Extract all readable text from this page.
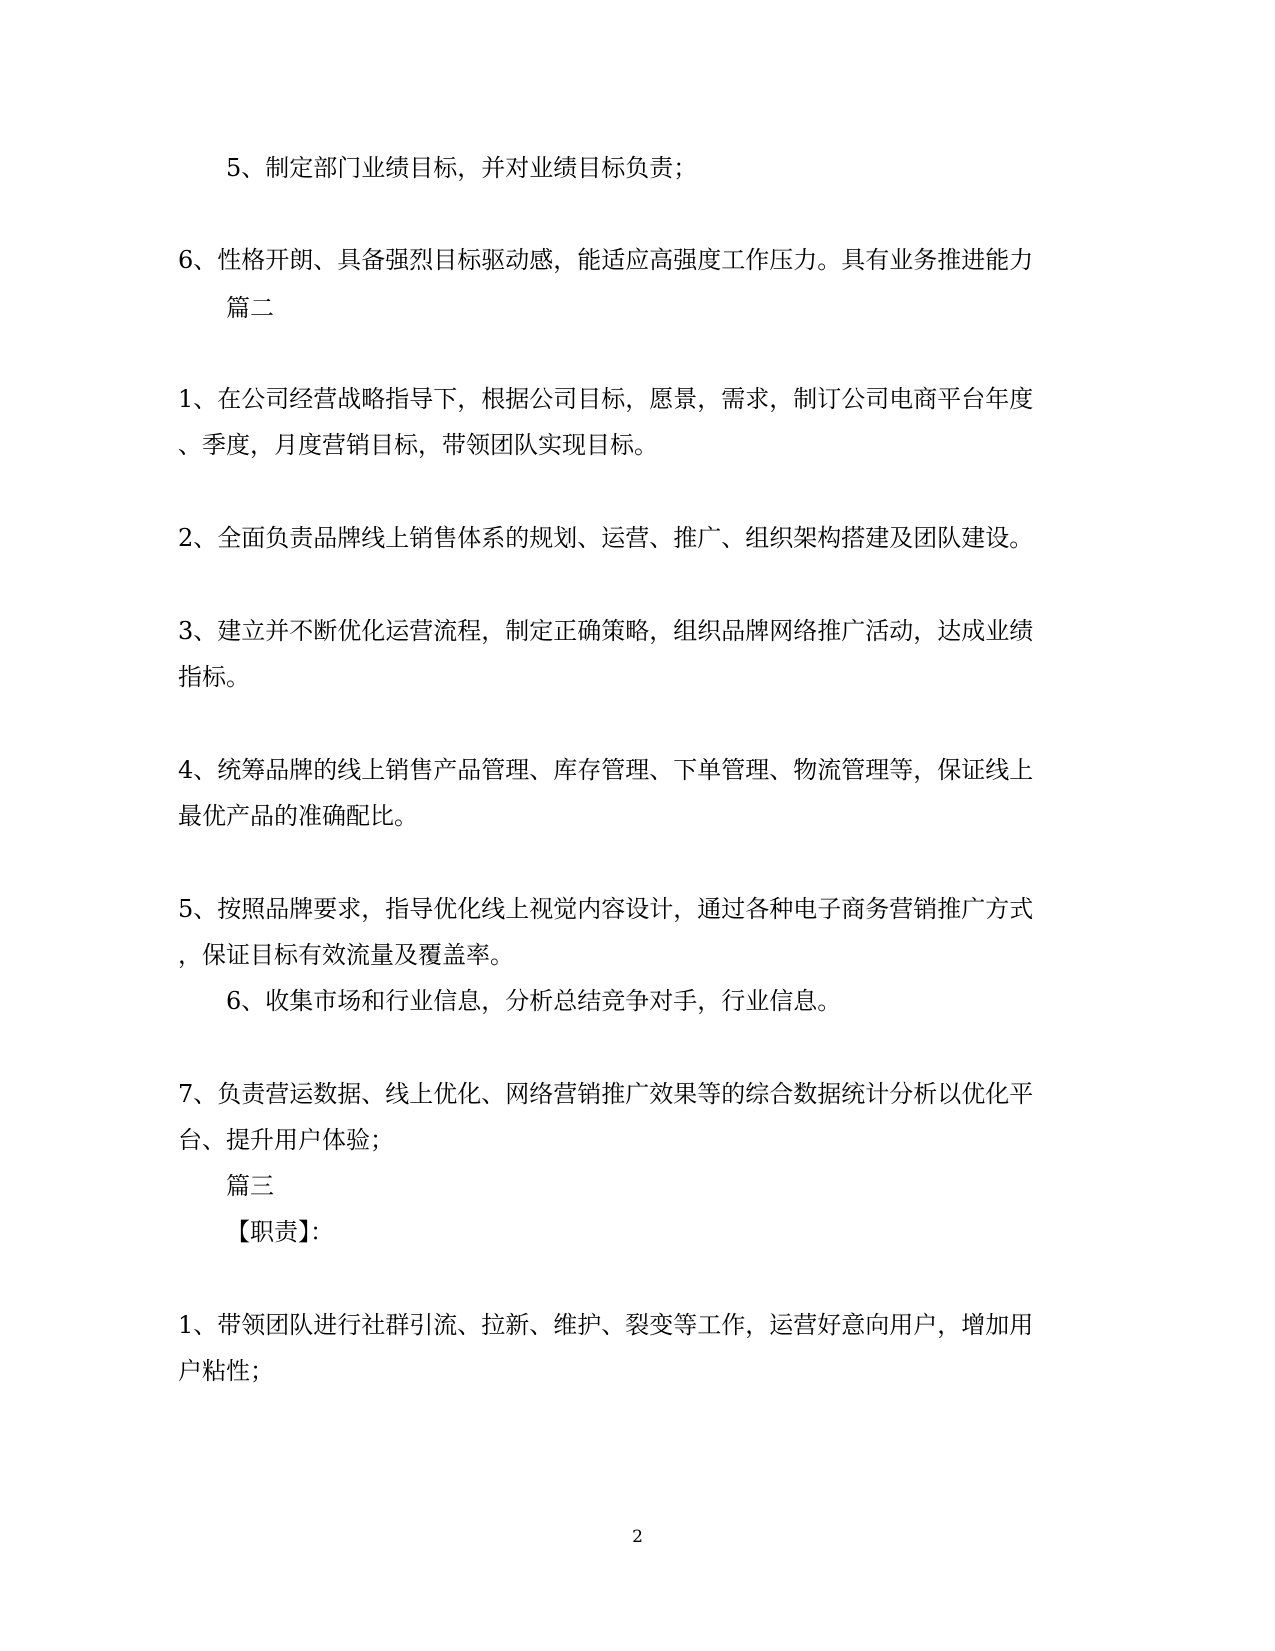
5、制定部门业绩目标，并对业绩目标负责；
6、性格开朗、具备强烈目标驱动感，能适应高强度工作压力。具有业务推进能力
篇二
1、在公司经营战略指导下，根据公司目标，愿景，需求，制订公司电商平台年度
、季度，月度营销目标，带领团队实现目标。
2、全面负责品牌线上销售体系的规划、运营、推广、组织架构搭建及团队建设。
3、建立并不断优化运营流程，制定正确策略，组织品牌网络推广活动，达成业绩
指标。
4、统筹品牌的线上销售产品管理、库存管理、下单管理、物流管理等，保证线上
最优产品的准确配比。
5、按照品牌要求，指导优化线上视觉内容设计，通过各种电子商务营销推广方式
，保证目标有效流量及覆盖率。
6、收集市场和行业信息，分析总结竞争对手，行业信息。
7、负责营运数据、线上优化、网络营销推广效果等的综合数据统计分析以优化平
台、提升用户体验；
篇三
【职责】：
1、带领团队进行社群引流、拉新、维护、裂变等工作，运营好意向用户，增加用
户粘性；
2
